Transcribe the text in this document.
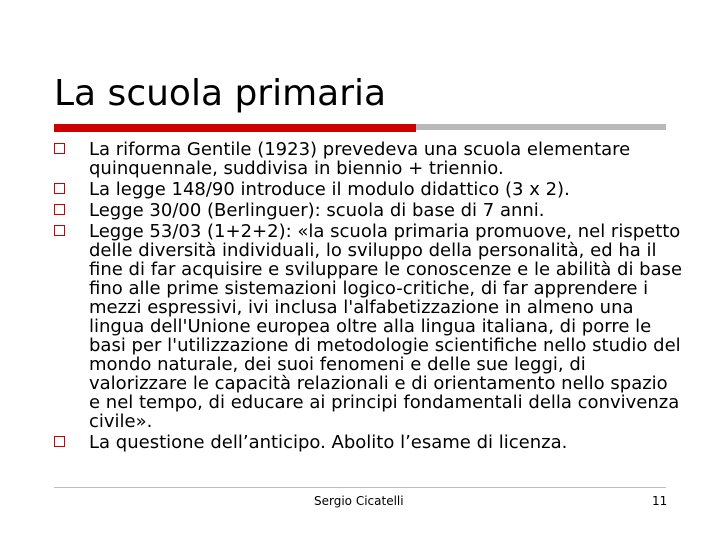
La scuola primaria
La riforma Gentile (1923) prevedeva una scuola elementare quinquennale, suddivisa in biennio + triennio.
La legge 148/90 introduce il modulo didattico (3 x 2).
Legge 30/00 (Berlinguer): scuola di base di 7 anni.
Legge 53/03 (1+2+2): «la scuola primaria promuove, nel rispetto delle diversità individuali, lo sviluppo della personalità, ed ha il fine di far acquisire e sviluppare le conoscenze e le abilità di base fino alle prime sistemazioni logico-critiche, di far apprendere i mezzi espressivi, ivi inclusa l'alfabetizzazione in almeno una lingua dell'Unione europea oltre alla lingua italiana, di porre le basi per l'utilizzazione di metodologie scientifiche nello studio del mondo naturale, dei suoi fenomeni e delle sue leggi, di valorizzare le capacità relazionali e di orientamento nello spazio e nel tempo, di educare ai principi fondamentali della convivenza civile».
La questione dell’anticipo. Abolito l’esame di licenza.
Sergio Cicatelli	11
